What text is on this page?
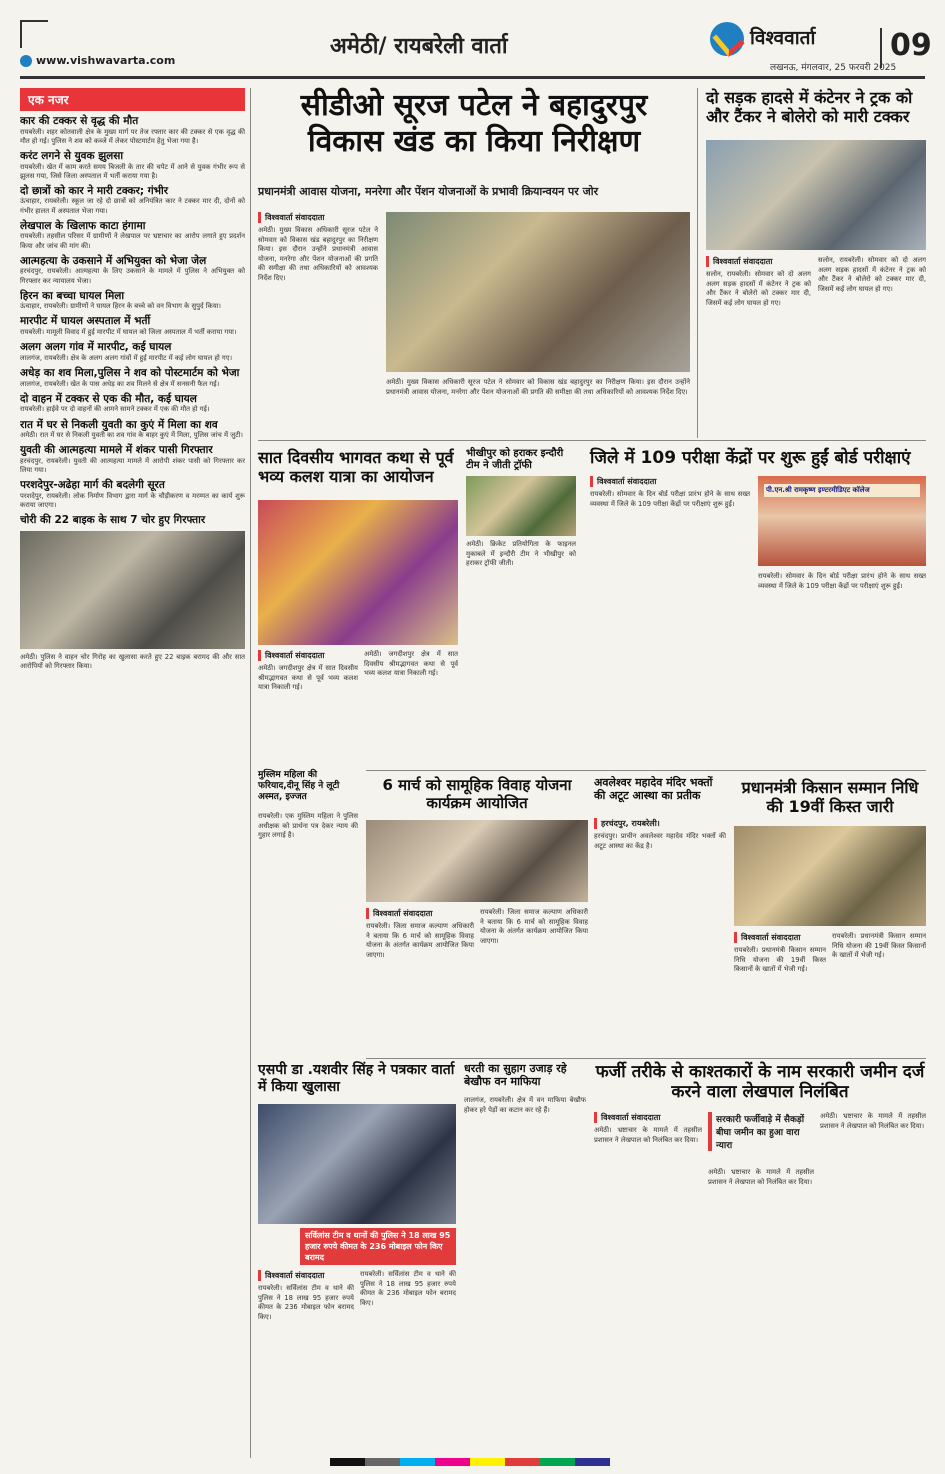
अमेठी/ रायबरेली वार्ता	विश्ववार्ता
लखनऊ, मंगलवार, 25 फरवरी 2025
09
www.vishwavarta.com
एक नजर
कार की टक्कर से वृद्ध की मौत
रायबरेली। शहर कोतवाली क्षेत्र के मुख्य मार्ग पर तेज रफ्तार कार की टक्कर से एक वृद्ध की मौत हो गई। पुलिस ने शव को कब्जे में लेकर पोस्टमार्टम हेतु भेजा गया है।
करंट लगने से युवक झुलसा
रायबरेली। खेत में काम करते समय बिजली के तार की चपेट में आने से युवक गंभीर रूप से झुलस गया, जिसे जिला अस्पताल में भर्ती कराया गया है।
दो छात्रों को कार ने मारी टक्कर; गंभीर
ऊंचाहार, रायबरेली। स्कूल जा रहे दो छात्रों को अनियंत्रित कार ने टक्कर मार दी, दोनों को गंभीर हालत में अस्पताल भेजा गया।
लेखपाल के खिलाफ काटा हंगामा
रायबरेली। तहसील परिसर में ग्रामीणों ने लेखपाल पर भ्रष्टाचार का आरोप लगाते हुए प्रदर्शन किया और जांच की मांग की।
आत्महत्या के उकसाने में अभियुक्त को भेजा जेल
हरचंदपुर, रायबरेली। आत्महत्या के लिए उकसाने के मामले में पुलिस ने अभियुक्त को गिरफ्तार कर न्यायालय भेजा।
हिरन का बच्चा घायल मिला
ऊंचाहार, रायबरेली। ग्रामीणों ने घायल हिरन के बच्चे को वन विभाग के सुपुर्द किया।
मारपीट में घायल अस्पताल में भर्ती
रायबरेली। मामूली विवाद में हुई मारपीट में घायल को जिला अस्पताल में भर्ती कराया गया।
अलग अलग गांव में मारपीट, कई घायल
लालगंज, रायबरेली। क्षेत्र के अलग अलग गांवों में हुई मारपीट में कई लोग घायल हो गए।
अधेड़ का शव मिला,पुलिस ने शव को पोस्टमार्टम को भेजा
लालगंज, रायबरेली। खेत के पास अधेड़ का शव मिलने से क्षेत्र में सनसनी फैल गई।
दो वाहन में टक्कर से एक की मौत, कई घायल
रायबरेली। हाईवे पर दो वाहनों की आमने सामने टक्कर में एक की मौत हो गई।
रात में घर से निकली युवती का कुएं में मिला का शव
अमेठी। रात में घर से निकली युवती का शव गांव के बाहर कुएं में मिला, पुलिस जांच में जुटी।
युवती की आत्महत्या मामले में शंकर पासी गिरफ्तार
हरचंदपुर, रायबरेली। युवती की आत्महत्या मामले में आरोपी शंकर पासी को गिरफ्तार कर लिया गया।
परशदेपुर-अढेहा मार्ग की बदलेगी सूरत
परशदेपुर, रायबरेली। लोक निर्माण विभाग द्वारा मार्ग के चौड़ीकरण व मरम्मत का कार्य शुरू कराया जाएगा।
चोरी की 22 बाइक के साथ 7 चोर हुए गिरफ्तार
अमेठी। पुलिस ने वाहन चोर गिरोह का खुलासा करते हुए 22 बाइक बरामद की और सात आरोपियों को गिरफ्तार किया।
सीडीओ सूरज पटेल ने बहादुरपुर विकास खंड का किया निरीक्षण
प्रधानमंत्री आवास योजना, मनरेगा और पेंशन योजनाओं के प्रभावी क्रियान्वयन पर जोर
विश्ववार्ता संवाददाता
अमेठी। मुख्य विकास अधिकारी सूरज पटेल ने सोमवार को विकास खंड बहादुरपुर का निरीक्षण किया। इस दौरान उन्होंने प्रधानमंत्री आवास योजना, मनरेगा और पेंशन योजनाओं की प्रगति की समीक्षा की तथा अधिकारियों को आवश्यक निर्देश दिए।
अमेठी। मुख्य विकास अधिकारी सूरज पटेल ने सोमवार को विकास खंड बहादुरपुर का निरीक्षण किया। इस दौरान उन्होंने प्रधानमंत्री आवास योजना, मनरेगा और पेंशन योजनाओं की प्रगति की समीक्षा की तथा अधिकारियों को आवश्यक निर्देश दिए।
दो सड़क हादसे में कंटेनर ने ट्रक को और टैंकर ने बोलेरो को मारी टक्कर
विश्ववार्ता संवाददाता
सलोन, रायबरेली। सोमवार को दो अलग अलग सड़क हादसों में कंटेनर ने ट्रक को और टैंकर ने बोलेरो को टक्कर मार दी, जिसमें कई लोग घायल हो गए।
सलोन, रायबरेली। सोमवार को दो अलग अलग सड़क हादसों में कंटेनर ने ट्रक को और टैंकर ने बोलेरो को टक्कर मार दी, जिसमें कई लोग घायल हो गए।
सात दिवसीय भागवत कथा से पूर्व भव्य कलश यात्रा का आयोजन
विश्ववार्ता संवाददाता
अमेठी। जगदीशपुर क्षेत्र में सात दिवसीय श्रीमद्भागवत कथा से पूर्व भव्य कलश यात्रा निकाली गई।
अमेठी। जगदीशपुर क्षेत्र में सात दिवसीय श्रीमद्भागवत कथा से पूर्व भव्य कलश यात्रा निकाली गई।
भीखीपुर को हराकर इन्दौरी टीम ने जीती ट्रॉफी
अमेठी। क्रिकेट प्रतियोगिता के फाइनल मुकाबले में इन्दौरी टीम ने भीखीपुर को हराकर ट्रॉफी जीती।
जिले में 109 परीक्षा केंद्रों पर शुरू हुईं बोर्ड परीक्षाएं
विश्ववार्ता संवाददाता
रायबरेली। सोमवार के दिन बोर्ड परीक्षा प्रारंभ होने के साथ सख्त व्यवस्था में जिले के 109 परीक्षा केंद्रों पर परीक्षाएं शुरू हुईं।
पी.एन.श्री रामकृष्ण इण्टरमीडिएट कॉलेज
रायबरेली। सोमवार के दिन बोर्ड परीक्षा प्रारंभ होने के साथ सख्त व्यवस्था में जिले के 109 परीक्षा केंद्रों पर परीक्षाएं शुरू हुईं।
मुस्लिम महिला की फरियाद,दीनू सिंह ने लूटी अस्मत, इज्जत
रायबरेली। एक मुस्लिम महिला ने पुलिस अधीक्षक को प्रार्थना पत्र देकर न्याय की गुहार लगाई है।
6 मार्च को सामूहिक विवाह योजना कार्यक्रम आयोजित
विश्ववार्ता संवाददाता
रायबरेली। जिला समाज कल्याण अधिकारी ने बताया कि 6 मार्च को सामूहिक विवाह योजना के अंतर्गत कार्यक्रम आयोजित किया जाएगा।
रायबरेली। जिला समाज कल्याण अधिकारी ने बताया कि 6 मार्च को सामूहिक विवाह योजना के अंतर्गत कार्यक्रम आयोजित किया जाएगा।
अवलेश्वर महादेव मंदिर भक्तों की अटूट आस्था का प्रतीक
हरचंदपुर, रायबरेली।
हरचंदपुर। प्राचीन अवलेश्वर महादेव मंदिर भक्तों की अटूट आस्था का केंद्र है।
प्रधानमंत्री किसान सम्मान निधि की 19वीं किस्त जारी
विश्ववार्ता संवाददाता
रायबरेली। प्रधानमंत्री किसान सम्मान निधि योजना की 19वीं किस्त किसानों के खातों में भेजी गई।
रायबरेली। प्रधानमंत्री किसान सम्मान निधि योजना की 19वीं किस्त किसानों के खातों में भेजी गई।
एसपी डा .यशवीर सिंह ने पत्रकार वार्ता में किया खुलासा
सर्विलांस टीम व थानों की पुलिस ने 18 लाख 95 हजार रुपये कीमत के 236 मोबाइल फोन किए बरामद
विश्ववार्ता संवाददाता
रायबरेली। सर्विलांस टीम व थाने की पुलिस ने 18 लाख 95 हजार रुपये कीमत के 236 मोबाइल फोन बरामद किए।
रायबरेली। सर्विलांस टीम व थाने की पुलिस ने 18 लाख 95 हजार रुपये कीमत के 236 मोबाइल फोन बरामद किए।
धरती का सुहाग उजाड़ रहे बेखौफ वन माफिया
लालगंज, रायबरेली। क्षेत्र में वन माफिया बेखौफ होकर हरे पेड़ों का कटान कर रहे हैं।
फर्जी तरीके से काश्तकारों के नाम सरकारी जमीन दर्ज करने वाला लेखपाल निलंबित
विश्ववार्ता संवाददाता
अमेठी। भ्रष्टाचार के मामले में तहसील प्रशासन ने लेखपाल को निलंबित कर दिया।
सरकारी फर्जीवाड़े में सैकड़ों बीघा जमीन का हुआ वारा न्यारा
अमेठी। भ्रष्टाचार के मामले में तहसील प्रशासन ने लेखपाल को निलंबित कर दिया।
अमेठी। भ्रष्टाचार के मामले में तहसील प्रशासन ने लेखपाल को निलंबित कर दिया।
